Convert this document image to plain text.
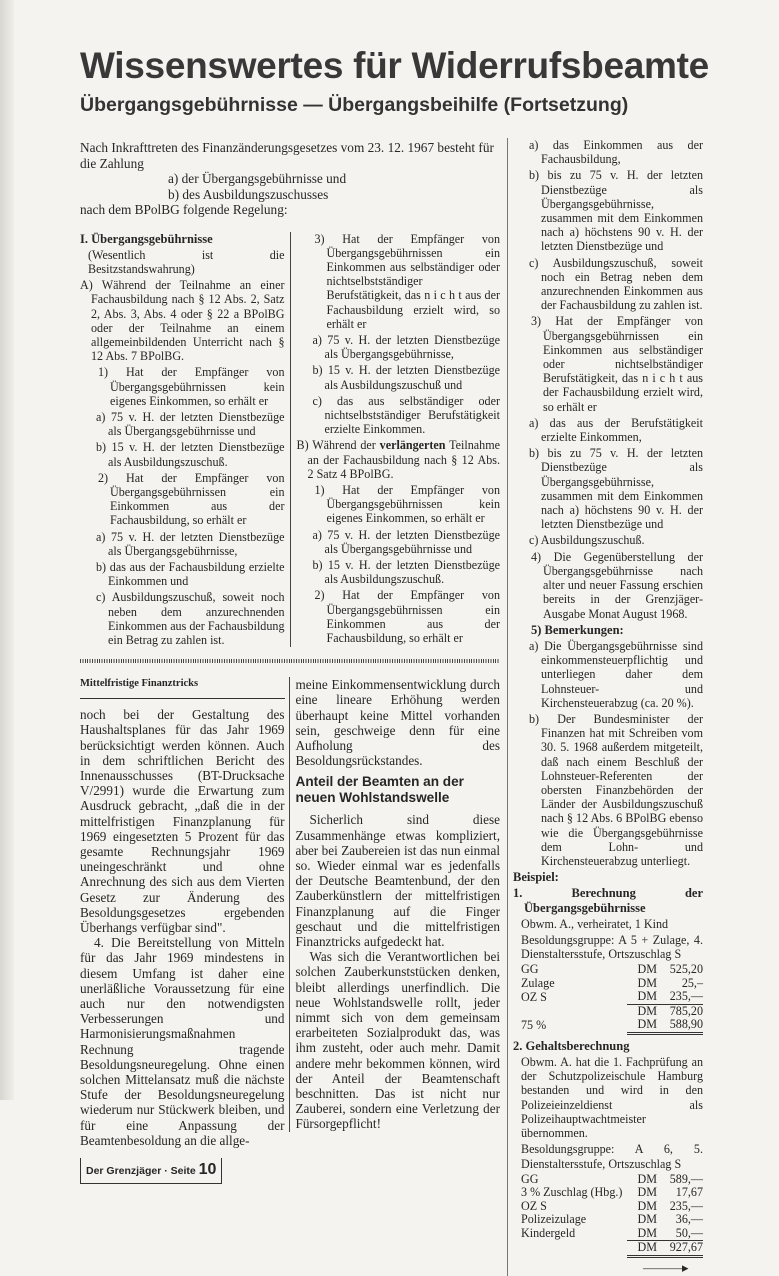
Wissenswertes für Widerrufsbeamte
Übergangsgebührnisse — Übergangsbeihilfe (Fortsetzung)
Nach Inkrafttreten des Finanzänderungsgesetzes vom 23. 12. 1967 besteht für die Zahlung
a) der Übergangsgebührnisse und
b) des Ausbildungszuschusses
nach dem BPolBG folgende Regelung:

I. Übergangsgebührnisse

(Wesentlich ist die Besitzstandswahrung)

A) Während der Teilnahme an einer Fachausbildung nach § 12 Abs. 2, Satz 2, Abs. 3, Abs. 4 oder § 22 a BPolBG oder der Teilnahme an einem allgemeinbildenden Unterricht nach § 12 Abs. 7 BPolBG.

1) Hat der Empfänger von Übergangsgebührnissen kein eigenes Einkommen, so erhält er

a) 75 v. H. der letzten Dienstbezüge als Übergangsgebührnisse und

b) 15 v. H. der letzten Dienstbezüge als Ausbildungszuschuß.

2) Hat der Empfänger von Übergangsgebührnissen ein Einkommen aus der Fachausbildung, so erhält er

a) 75 v. H. der letzten Dienstbezüge als Übergangsgebührnisse,

b) das aus der Fachausbildung erzielte Einkommen und

c) Ausbildungszuschuß, soweit noch neben dem anzurechnenden Einkommen aus der Fachausbildung ein Betrag zu zahlen ist.

3) Hat der Empfänger von Übergangsgebührnissen ein Einkommen aus selbständiger oder nichtselbstständiger Berufstätigkeit, das n i c h t aus der Fachausbildung erzielt wird, so erhält er

a) 75 v. H. der letzten Dienstbezüge als Übergangsgebührnisse,

b) 15 v. H. der letzten Dienstbezüge als Ausbildungszuschuß und

c) das aus selbständiger oder nichtselbstständiger Berufstätigkeit erzielte Einkommen.

B) Während der verlängerten Teilnahme an der Fachausbildung nach § 12 Abs. 2 Satz 4 BPolBG.

1) Hat der Empfänger von Übergangsgebührnissen kein eigenes Einkommen, so erhält er

a) 75 v. H. der letzten Dienstbezüge als Übergangsgebührnisse und

b) 15 v. H. der letzten Dienstbezüge als Ausbildungszuschuß.

2) Hat der Empfänger von Übergangsgebührnissen ein Einkommen aus der Fachausbildung, so erhält er

Mittelfristige Finanztricks

noch bei der Gestaltung des Haushaltsplanes für das Jahr 1969 berücksichtigt werden können. Auch in dem schriftlichen Bericht des Innenausschusses (BT-Drucksache V/2991) wurde die Erwartung zum Ausdruck gebracht, „daß die in der mittelfristigen Finanzplanung für 1969 eingesetzten 5 Prozent für das gesamte Rechnungsjahr 1969 uneingeschränkt und ohne Anrechnung des sich aus dem Vierten Gesetz zur Änderung des Besoldungsgesetzes ergebenden Überhangs verfügbar sind".

4. Die Bereitstellung von Mitteln für das Jahr 1969 mindestens in diesem Umfang ist daher eine unerläßliche Voraussetzung für eine auch nur den notwendigsten Verbesserungen und Harmonisierungsmaßnahmen Rechnung tragende Besoldungsneuregelung. Ohne einen solchen Mittelansatz muß die nächste Stufe der Besoldungsneuregelung wiederum nur Stückwerk bleiben, und für eine Anpassung der Beamtenbesoldung an die allge-

meine Einkommensentwicklung durch eine lineare Erhöhung werden überhaupt keine Mittel vorhanden sein, geschweige denn für eine Aufholung des Besoldungsrückstandes.

Anteil der Beamten an der neuen Wohlstandswelle

Sicherlich sind diese Zusammenhänge etwas kompliziert, aber bei Zaubereien ist das nun einmal so. Wieder einmal war es jedenfalls der Deutsche Beamtenbund, der den Zauberkünstlern der mittelfristigen Finanzplanung auf die Finger geschaut und die mittelfristigen Finanztricks aufgedeckt hat.

Was sich die Verantwortlichen bei solchen Zauberkunststücken denken, bleibt allerdings unerfindlich. Die neue Wohlstandswelle rollt, jeder nimmt sich von dem gemeinsam erarbeiteten Sozialprodukt das, was ihm zusteht, oder auch mehr. Damit andere mehr bekommen können, wird der Anteil der Beamtenschaft beschnitten. Das ist nicht nur Zauberei, sondern eine Verletzung der Fürsorgepflicht!

Der Grenzjäger · Seite 10

a) das Einkommen aus der Fachausbildung,

b) bis zu 75 v. H. der letzten Dienstbezüge als Übergangsgebührnisse, zusammen mit dem Einkommen nach a) höchstens 90 v. H. der letzten Dienstbezüge und

c) Ausbildungszuschuß, soweit noch ein Betrag neben dem anzurechnenden Einkommen aus der Fachausbildung zu zahlen ist.

3) Hat der Empfänger von Übergangsgebührnissen ein Einkommen aus selbständiger oder nichtselbständiger Berufstätigkeit, das n i c h t aus der Fachausbildung erzielt wird, so erhält er

a) das aus der Berufstätigkeit erzielte Einkommen,

b) bis zu 75 v. H. der letzten Dienstbezüge als Übergangsgebührnisse, zusammen mit dem Einkommen nach a) höchstens 90 v. H. der letzten Dienstbezüge und

c) Ausbildungszuschuß.

4) Die Gegenüberstellung der Übergangsgebührnisse nach alter und neuer Fassung erschien bereits in der Grenzjäger-Ausgabe Monat August 1968.

5) Bemerkungen:

a) Die Übergangsgebührnisse sind einkommensteuerpflichtig und unterliegen daher dem Lohnsteuer- und Kirchensteuerabzug (ca. 20 %).

b) Der Bundesminister der Finanzen hat mit Schreiben vom 30. 5. 1968 außerdem mitgeteilt, daß nach einem Beschluß der Lohnsteuer-Referenten der obersten Finanzbehörden der Länder der Ausbildungszuschuß nach § 12 Abs. 6 BPolBG ebenso wie die Übergangsgebührnisse dem Lohn- und Kirchensteuerabzug unterliegt.

Beispiel:

1. Berechnung der Übergangsgebührnisse

Obwm. A., verheiratet, 1 Kind

Besoldungsgruppe: A 5 + Zulage, 4. Dienstaltersstufe, Ortszuschlag S

GG	DM	525,20
Zulage	DM	25,–
OZ S	DM	235,—
	DM	785,20
75 %	DM	588,90

2. Gehaltsberechnung

Obwm. A. hat die 1. Fachprüfung an der Schutzpolizeischule Hamburg bestanden und wird in den Polizeieinzeldienst als Polizeihauptwachtmeister übernommen.

Besoldungsgruppe: A 6, 5. Dienstaltersstufe, Ortszuschlag S

GG	DM	589,—
3 % Zuschlag (Hbg.)	DM	17,67
OZ S	DM	235,—
Polizeizulage	DM	36,—
Kindergeld	DM	50,—
	DM	927,67
———▸
